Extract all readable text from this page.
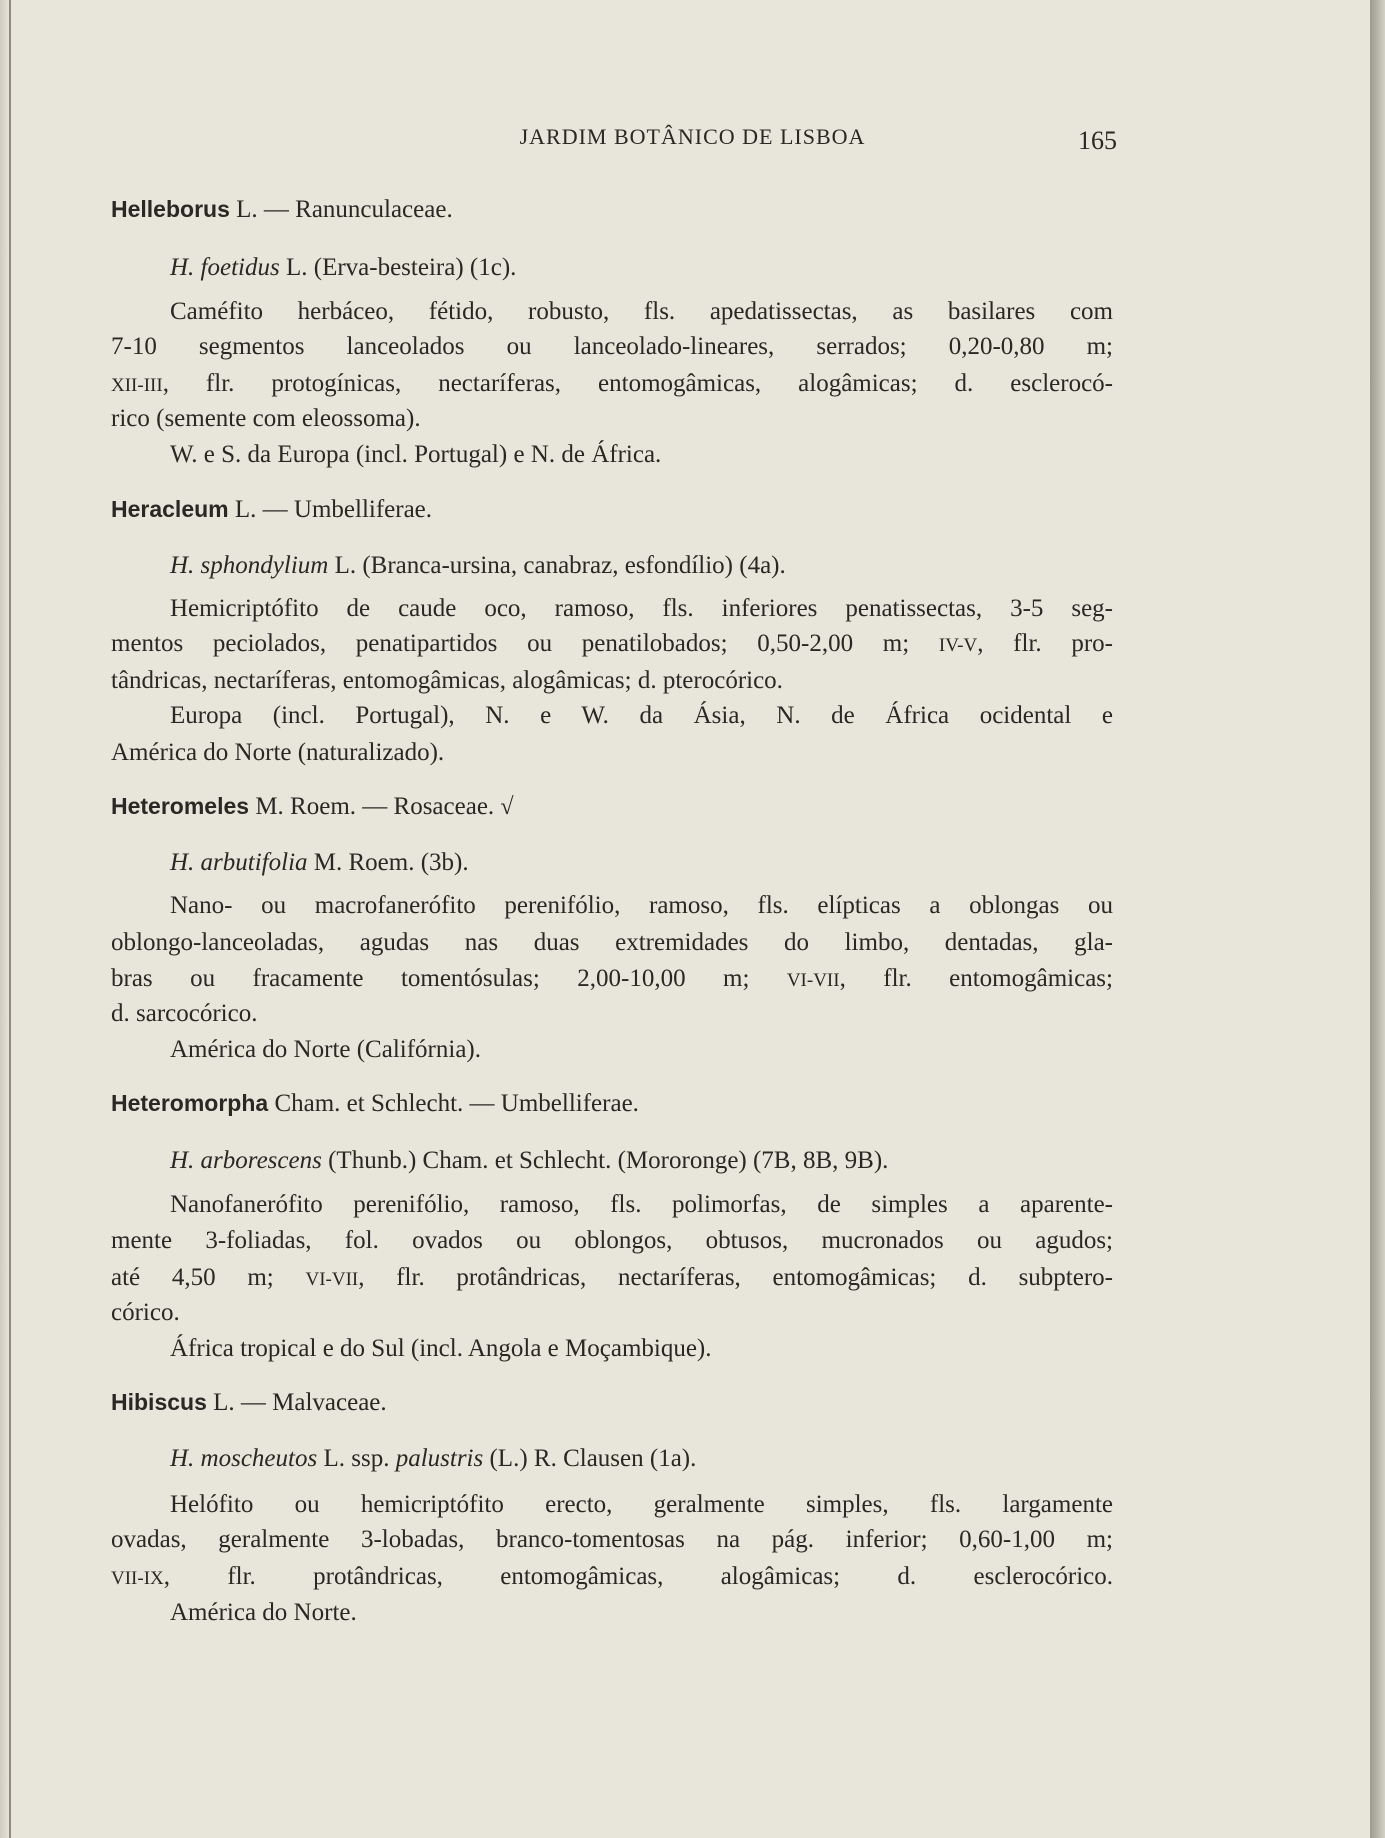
JARDIM BOTÂNICO DE LISBOA	165
Helleborus L. — Ranunculaceae.
H. foetidus L. (Erva-besteira) (1c).
Caméfito herbáceo, fétido, robusto, fls. apedatissectas, as basilares com
7-10 segmentos lanceolados ou lanceolado-lineares, serrados; 0,20-0,80 m;
XII-III, flr. protogínicas, nectaríferas, entomogâmicas, alogâmicas; d. esclerocó-
rico (semente com eleossoma).
W. e S. da Europa (incl. Portugal) e N. de África.
Heracleum L. — Umbelliferae.
H. sphondylium L. (Branca-ursina, canabraz, esfondílio) (4a).
Hemicriptófito de caude oco, ramoso, fls. inferiores penatissectas, 3-5 seg-
mentos peciolados, penatipartidos ou penatilobados; 0,50-2,00 m; IV-V, flr. pro-
tândricas, nectaríferas, entomogâmicas, alogâmicas; d. pterocórico.
Europa (incl. Portugal), N. e W. da Ásia, N. de África ocidental e
América do Norte (naturalizado).
Heteromeles M. Roem. — Rosaceae. √
H. arbutifolia M. Roem. (3b).
Nano- ou macrofanerófito perenifólio, ramoso, fls. elípticas a oblongas ou
oblongo-lanceoladas, agudas nas duas extremidades do limbo, dentadas, gla-
bras ou fracamente tomentósulas; 2,00-10,00 m; VI-VII, flr. entomogâmicas;
d. sarcocórico.
América do Norte (Califórnia).
Heteromorpha Cham. et Schlecht. — Umbelliferae.
H. arborescens (Thunb.) Cham. et Schlecht. (Mororonge) (7B, 8B, 9B).
Nanofanerófito perenifólio, ramoso, fls. polimorfas, de simples a aparente-
mente 3-foliadas, fol. ovados ou oblongos, obtusos, mucronados ou agudos;
até 4,50 m; VI-VII, flr. protândricas, nectaríferas, entomogâmicas; d. subptero-
córico.
África tropical e do Sul (incl. Angola e Moçambique).
Hibiscus L. — Malvaceae.
H. moscheutos L. ssp. palustris (L.) R. Clausen (1a).
Helófito ou hemicriptófito erecto, geralmente simples, fls. largamente
ovadas, geralmente 3-lobadas, branco-tomentosas na pág. inferior; 0,60-1,00 m;
VII-IX, flr. protândricas, entomogâmicas, alogâmicas; d. esclerocórico.
América do Norte.
